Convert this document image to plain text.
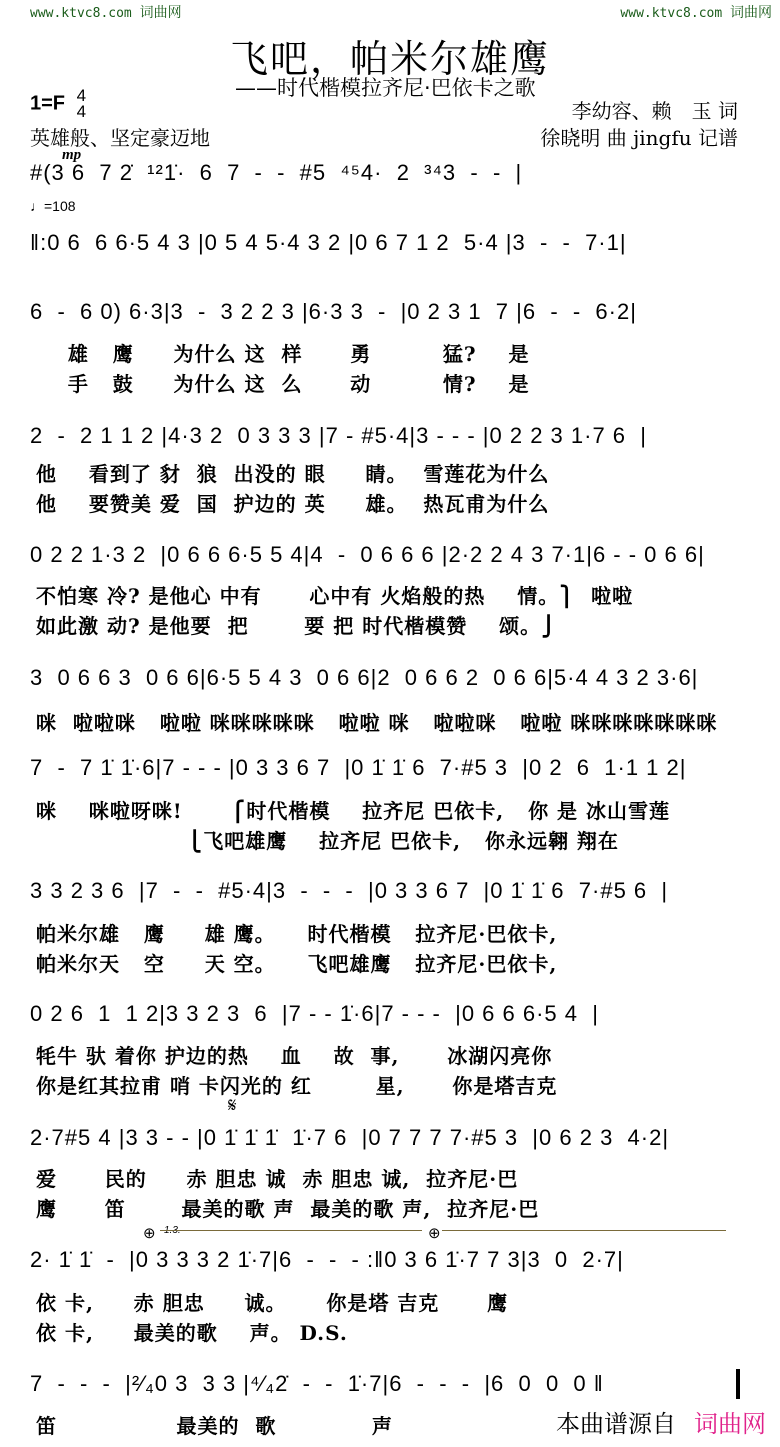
www.ktvc8.com 词曲网	www.ktvc8.com 词曲网
飞吧，帕米尔雄鹰
——时代楷模拉齐尼·巴依卡之歌
1=F 4
4
英雄般、坚定豪迈地
李幼容、赖　玉 词
徐晓明 曲 jingfu 记谱
mp
♩=108
#(3 6  7 2̇  ¹²1̇·  6  7  -  -  #5  ⁴⁵4·  2  ³⁴3  -  -  |
‖:0 6  6 6·5 4 3 |0 5 4 5·4 3 2 |0 6 7 1 2  5·4 |3  -  -  7·1|
6  -  6 0) 6·3|3  -  3 2 2 3 |6·3 3  -  |0 2 3 1  7 |6  -  -  6·2|
雄   鹰     为什么 这  样      勇         猛?    是
手   鼓     为什么 这  么      动         情?    是
2  -  2 1 1 2 |4·3 2  0 3 3 3 |7 - #5·4|3 - - - |0 2 2 3 1·7 6  |
他    看到了 豺  狼  出没的 眼     睛。  雪莲花为什么
他    要赞美 爱  国  护边的 英     雄。  热瓦甫为什么
0 2 2 1·3 2  |0 6 6 6·5 5 4|4  -  0 6 6 6 |2·2 2 4 3 7·1|6 - - 0 6 6|
不怕寒 冷? 是他心 中有      心中有 火焰般的热    情。⎫  啦啦
如此激 动? 是他要  把       要 把 时代楷模赞    颂。⎭
3  0 6 6 3  0 6 6|6·5 5 4 3  0 6 6|2  0 6 6 2  0 6 6|5·4 4 3 2 3·6|
咪  啦啦咪   啦啦 咪咪咪咪咪   啦啦 咪   啦啦咪   啦啦 咪咪咪咪咪咪咪
7  -  7 1̇ 1̇·6|7 - - - |0 3 3 6 7  |0 1̇ 1̇ 6  7·#5 3  |0 2  6  1·1 1 2|
咪    咪啦呀咪!      ⎧时代楷模    拉齐尼 巴依卡,   你 是 冰山雪莲
⎩飞吧雄鹰    拉齐尼 巴依卡,   你永远翱 翔在
3 3 2 3 6  |7  -  -  #5·4|3  -  -  -  |0 3 3 6 7  |0 1̇ 1̇ 6  7·#5 6  |
帕米尔雄   鹰     雄 鹰。    时代楷模   拉齐尼·巴依卡,
帕米尔天   空     天 空。    飞吧雄鹰   拉齐尼·巴依卡,
0 2 6  1  1 2|3 3 2 3  6  |7 - - 1̇·6|7 - - -  |0 6 6 6·5 4  |
牦牛 驮 着你 护边的热    血    故  事,      冰湖闪亮你
你是红其拉甫 哨 卡闪光的 红        星,      你是塔吉克
𝄋
2·7#5 4 |3 3 - - |0 1̇ 1̇ 1̇  1̇·7 6  |0 7 7 7 7·#5 3  |0 6 2 3  4·2|
爱      民的     赤 胆忠 诚  赤 胆忠 诚,  拉齐尼·巴
鹰      笛       最美的歌 声  最美的歌 声,  拉齐尼·巴
⊕	⊕
2· 1̇ 1̇  -  |0 3 3 3 2 1̇·7|6  -  -  - :‖0 3 6 1̇·7 7 3|3  0  2·7|
依 卡,     赤 胆忠     诚。     你是塔 吉克      鹰
依 卡,     最美的歌    声。 D.S.
7  -  -  -  |²⁄₄0 3  3 3 |⁴⁄₄2̇  -  -  1̇·7|6  -  -  -  |6  0  0  0 ‖
笛               最美的  歌            声	本曲谱源自 词曲网
